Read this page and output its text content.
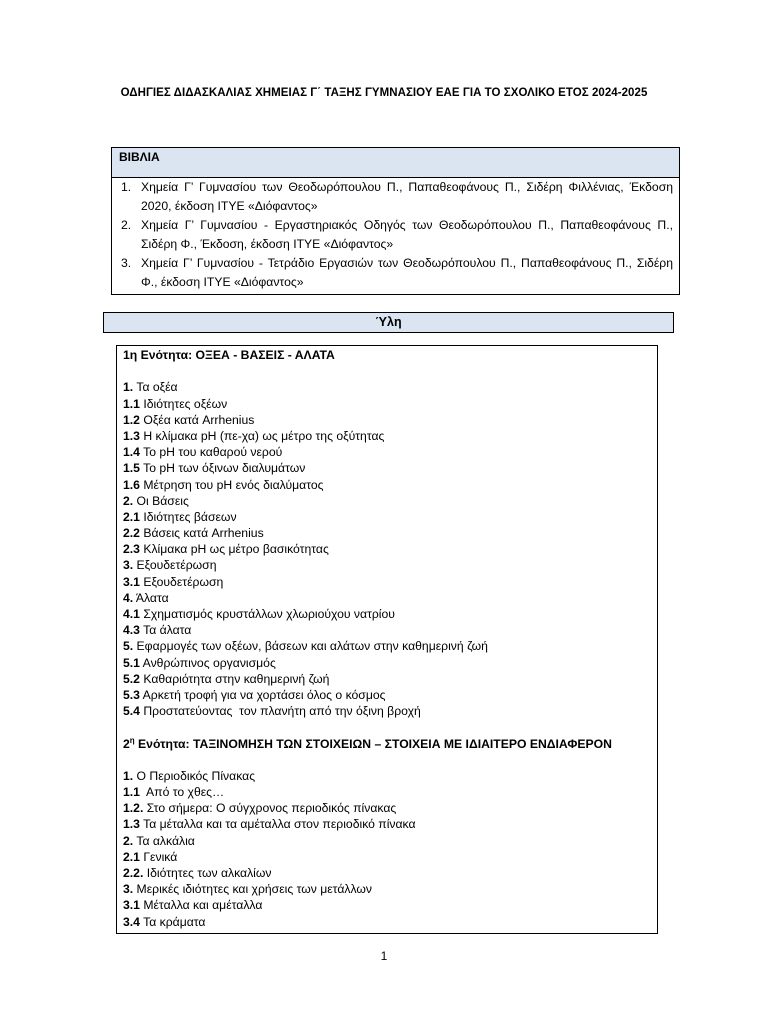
ΟΔΗΓΙΕΣ ΔΙΔΑΣΚΑΛΙΑΣ ΧΗΜΕΙΑΣ Γ΄ ΤΑΞΗΣ ΓΥΜΝΑΣΙΟΥ ΕΑΕ ΓΙΑ ΤΟ ΣΧΟΛΙΚΟ ΕΤΟΣ 2024-2025
ΒΙΒΛΙΑ
1. Χημεία Γ’ Γυμνασίου των Θεοδωρόπουλου Π., Παπαθεοφάνους Π., Σιδέρη Φιλλένιας, Έκδοση 2020, έκδοση ΙΤΥΕ «Διόφαντος»
2. Χημεία Γ’ Γυμνασίου - Εργαστηριακός Οδηγός των Θεοδωρόπουλου Π., Παπαθεοφάνους Π., Σιδέρη Φ., Έκδοση, έκδοση ΙΤΥΕ «Διόφαντος»
3. Χημεία Γ’ Γυμνασίου - Τετράδιο Εργασιών των Θεοδωρόπουλου Π., Παπαθεοφάνους Π., Σιδέρη Φ., έκδοση ΙΤΥΕ «Διόφαντος»
Ύλη
1η Ενότητα: ΟΞΕΑ - ΒΑΣΕΙΣ - ΑΛΑΤΑ
1. Τα οξέα
1.1 Ιδιότητες οξέων
1.2 Οξέα κατά Arrhenius
1.3 Η κλίμακα pH (πε-χα) ως μέτρο της οξύτητας
1.4 Το pH του καθαρού νερού
1.5 Το pH των όξινων διαλυμάτων
1.6 Μέτρηση του pH ενός διαλύματος
2. Οι Βάσεις
2.1 Ιδιότητες βάσεων
2.2 Βάσεις κατά Arrhenius
2.3 Κλίμακα pH ως μέτρο βασικότητας
3. Εξουδετέρωση
3.1 Εξουδετέρωση
4. Άλατα
4.1 Σχηματισμός κρυστάλλων χλωριούχου νατρίου
4.3 Τα άλατα
5. Εφαρμογές των οξέων, βάσεων και αλάτων στην καθημερινή ζωή
5.1 Ανθρώπινος οργανισμός
5.2 Καθαριότητα στην καθημερινή ζωή
5.3 Αρκετή τροφή για να χορτάσει όλος ο κόσμος
5.4 Προστατεύοντας  τον πλανήτη από την όξινη βροχή
$2^\eta$ Ενότητα: ΤΑΞΙΝΟΜΗΣΗ ΤΩΝ ΣΤΟΙΧΕΙΩΝ – ΣΤΟΙΧΕΙΑ ΜΕ ΙΔΙΑΙΤΕΡΟ ΕΝΔΙΑΦΕΡΟΝ
1. Ο Περιοδικός Πίνακας
1.1  Από το χθες…
1.2. Στο σήμερα: Ο σύγχρονος περιοδικός πίνακας
1.3 Τα μέταλλα και τα αμέταλλα στον περιοδικό πίνακα
2. Τα αλκάλια
2.1 Γενικά
2.2. Ιδιότητες των αλκαλίων
3. Μερικές ιδιότητες και χρήσεις των μετάλλων
3.1 Μέταλλα και αμέταλλα
3.4 Τα κράματα
1
